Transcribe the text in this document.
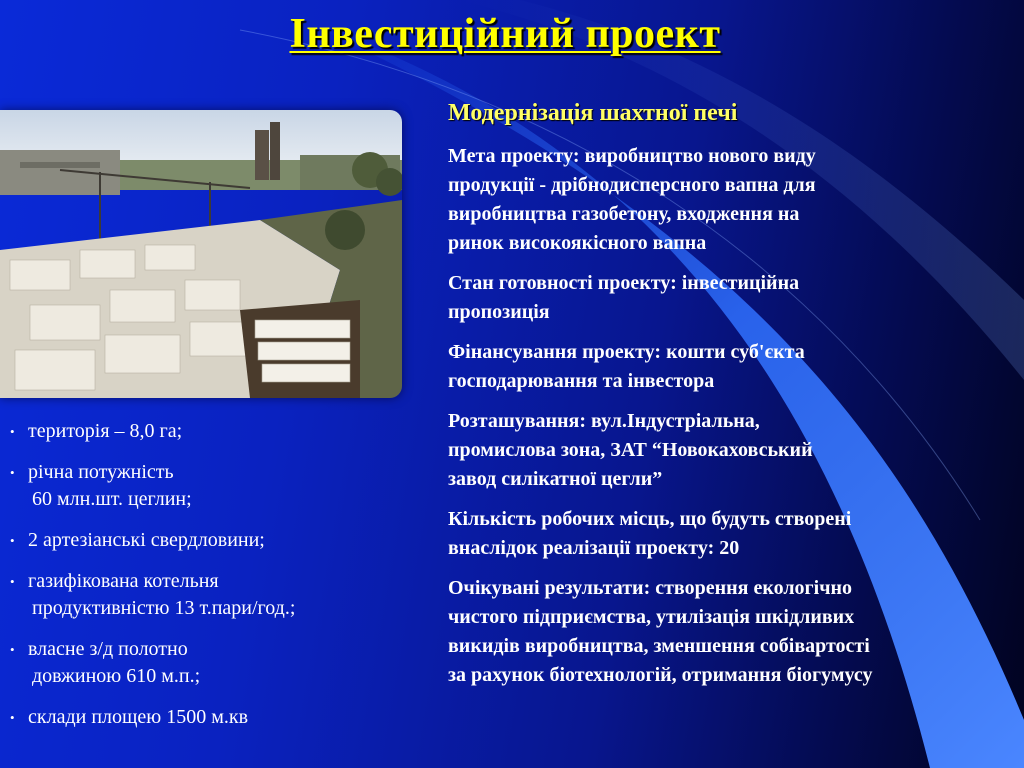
Інвестиційний проект
• територія – 8,0 га;
• річна потужність
60 млн.шт. цеглин;
• 2 артезіанські свердловини;
• газифікована котельня
продуктивністю 13 т.пари/год.;
• власне з/д полотно
довжиною 610 м.п.;
• склади площею 1500 м.кв
Модернізація шахтної печі
Мета проекту: виробництво нового виду
продукції - дрібнодисперсного вапна для
виробництва газобетону, входження на
ринок високоякісного вапна
Стан готовності проекту: інвестиційна
пропозиція
Фінансування проекту: кошти суб'єкта
господарювання та інвестора
Розташування: вул.Індустріальна,
промислова зона, ЗАТ “Новокаховський
завод силікатної цегли”
Кількість робочих місць, що будуть створені
внаслідок реалізації проекту: 20
Очікувані результати: створення екологічно
чистого підприємства, утилізація шкідливих
викидів виробництва, зменшення собівартості
за рахунок біотехнологій, отримання біогумусу
